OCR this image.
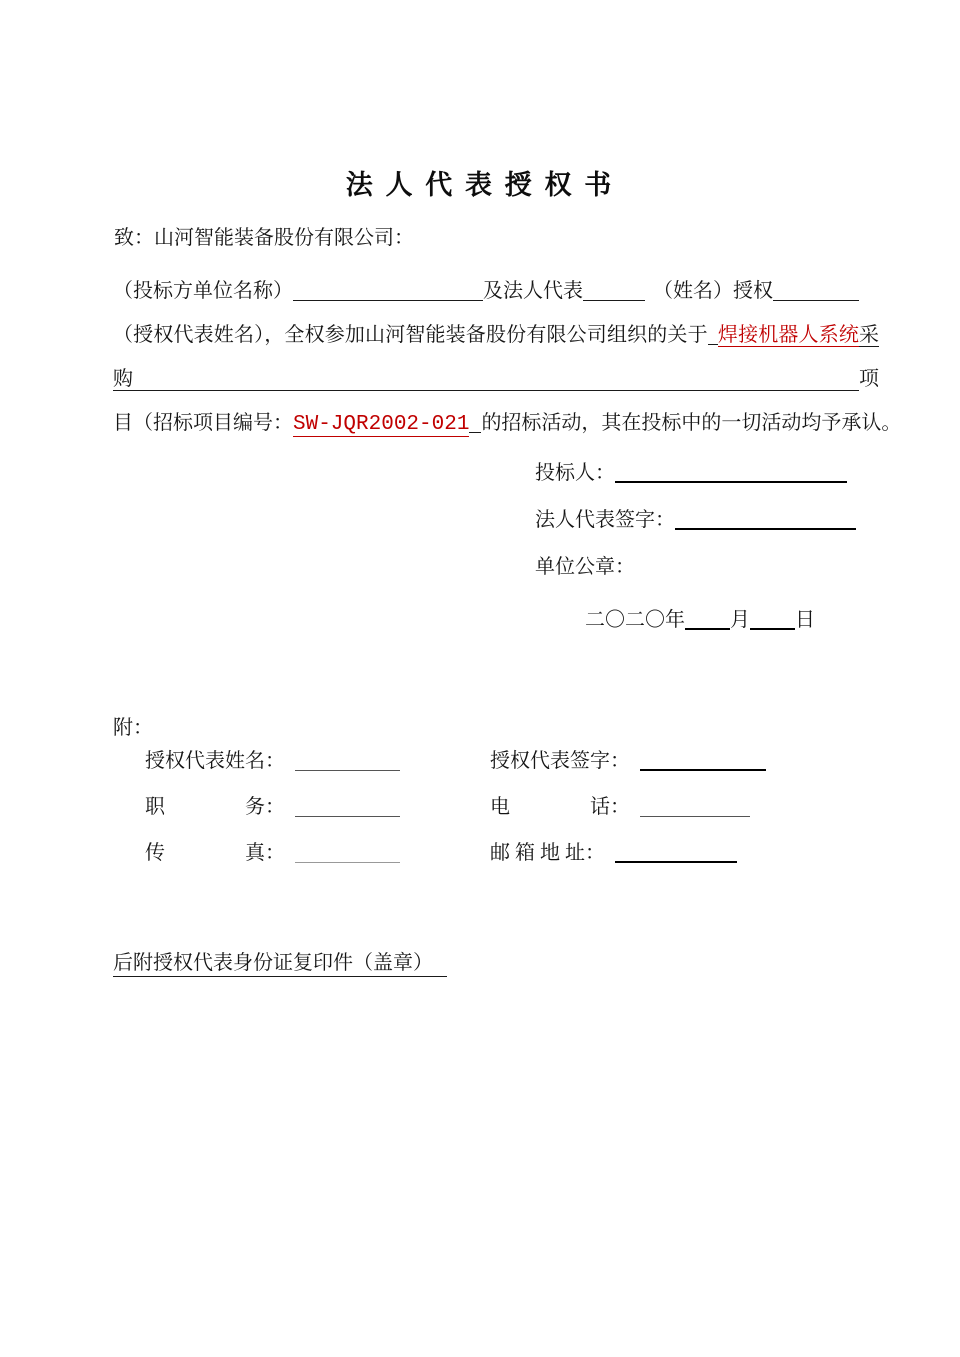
法 人 代 表 授 权 书
致：山河智能装备股份有限公司：
（投标方单位名称）	及法人代表	（姓名）授权
（授权代表姓名），全权参加山河智能装备股份有限公司组织的关于 焊接机器人系统采购项
目（招标项目编号：SW-JQR2002-021 的招标活动，其在投标中的一切活动均予承认。
投标人：
法人代表签字：
单位公章：
二〇二〇年 月 日
附：
授权代表姓名：	授权代表签字：
职　　　　务：	电　　　　话：
传　　　　真：	邮 箱 地 址：
后附授权代表身份证复印件（盖章）
